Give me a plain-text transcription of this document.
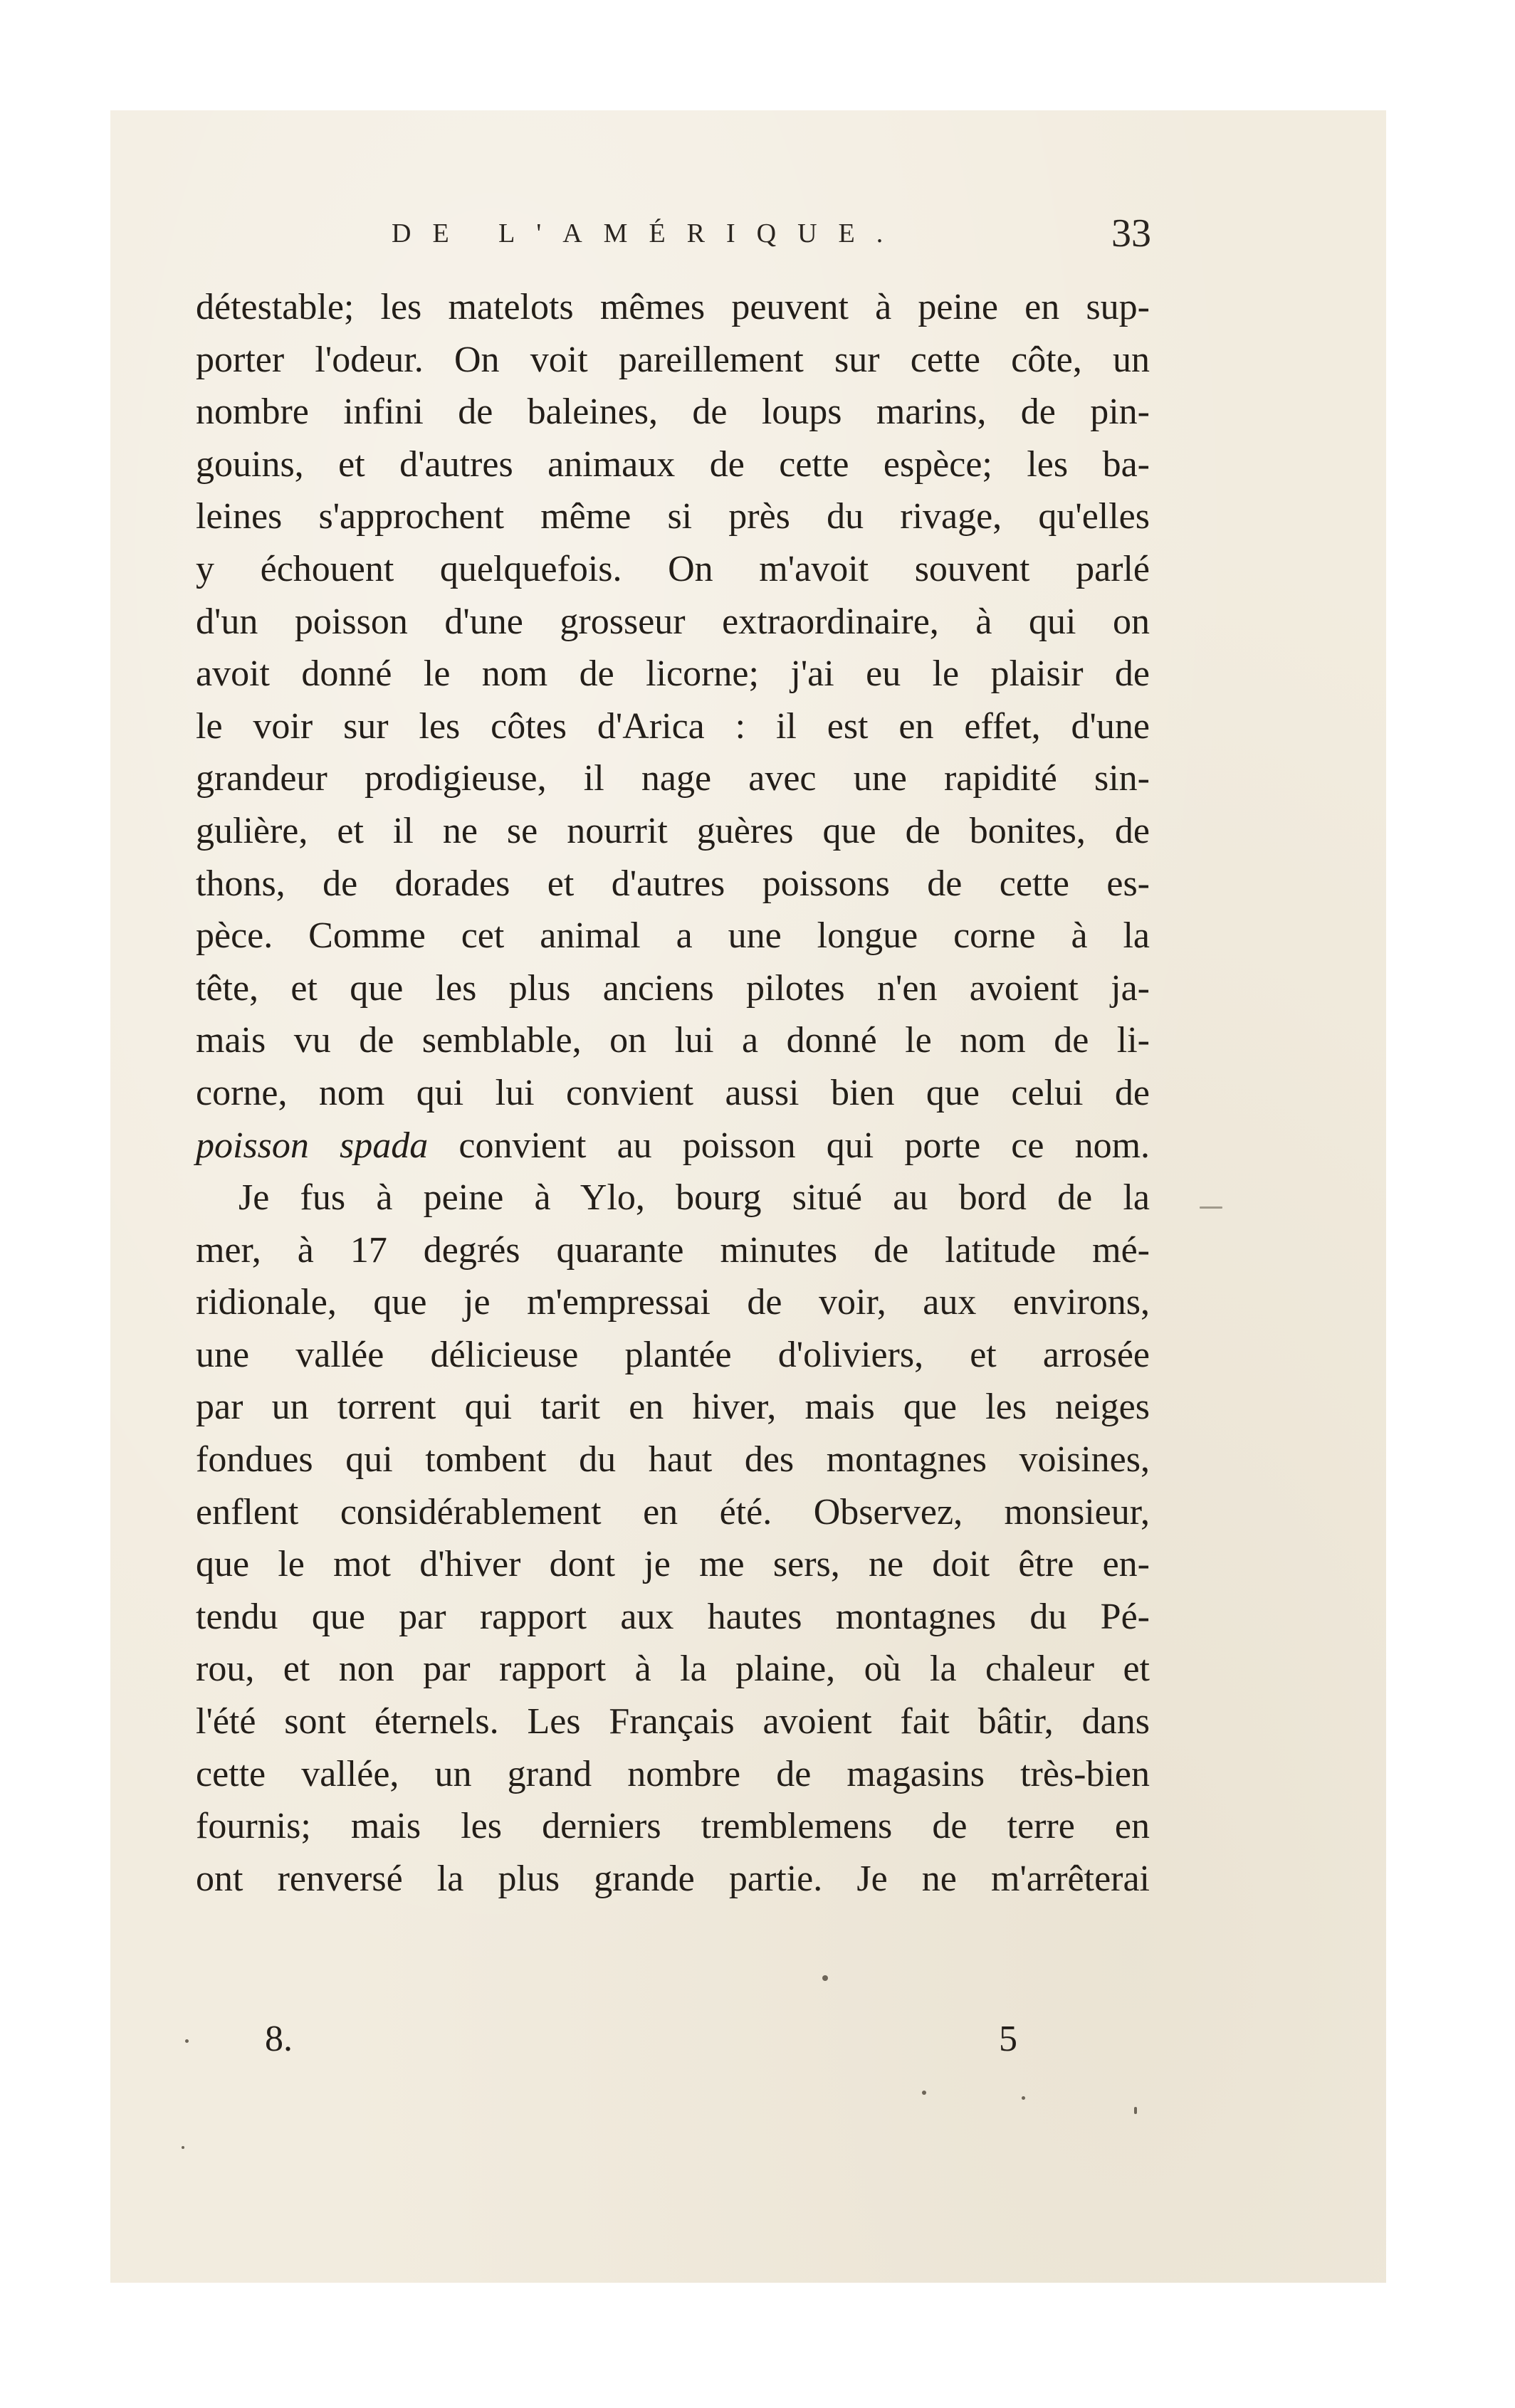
DE L'AMÉRIQUE.	33
détestable; les matelots mêmes peuvent à peine en sup-
porter l'odeur. On voit pareillement sur cette côte, un
nombre infini de baleines, de loups marins, de pin-
gouins, et d'autres animaux de cette espèce; les ba-
leines s'approchent même si près du rivage, qu'elles
y échouent quelquefois. On m'avoit souvent parlé
d'un poisson d'une grosseur extraordinaire, à qui on
avoit donné le nom de licorne; j'ai eu le plaisir de
le voir sur les côtes d'Arica : il est en effet, d'une
grandeur prodigieuse, il nage avec une rapidité sin-
gulière, et il ne se nourrit guères que de bonites, de
thons, de dorades et d'autres poissons de cette es-
pèce. Comme cet animal a une longue corne à la
tête, et que les plus anciens pilotes n'en avoient ja-
mais vu de semblable, on lui a donné le nom de li-
corne, nom qui lui convient aussi bien que celui de
poisson spada convient au poisson qui porte ce nom.
Je fus à peine à Ylo, bourg situé au bord de la
mer, à 17 degrés quarante minutes de latitude mé-
ridionale, que je m'empressai de voir, aux environs,
une vallée délicieuse plantée d'oliviers, et arrosée
par un torrent qui tarit en hiver, mais que les neiges
fondues qui tombent du haut des montagnes voisines,
enflent considérablement en été. Observez, monsieur,
que le mot d'hiver dont je me sers, ne doit être en-
tendu que par rapport aux hautes montagnes du Pé-
rou, et non par rapport à la plaine, où la chaleur et
l'été sont éternels. Les Français avoient fait bâtir, dans
cette vallée, un grand nombre de magasins très-bien
fournis; mais les derniers tremblemens de terre en
ont renversé la plus grande partie. Je ne m'arrêterai
8.	5
